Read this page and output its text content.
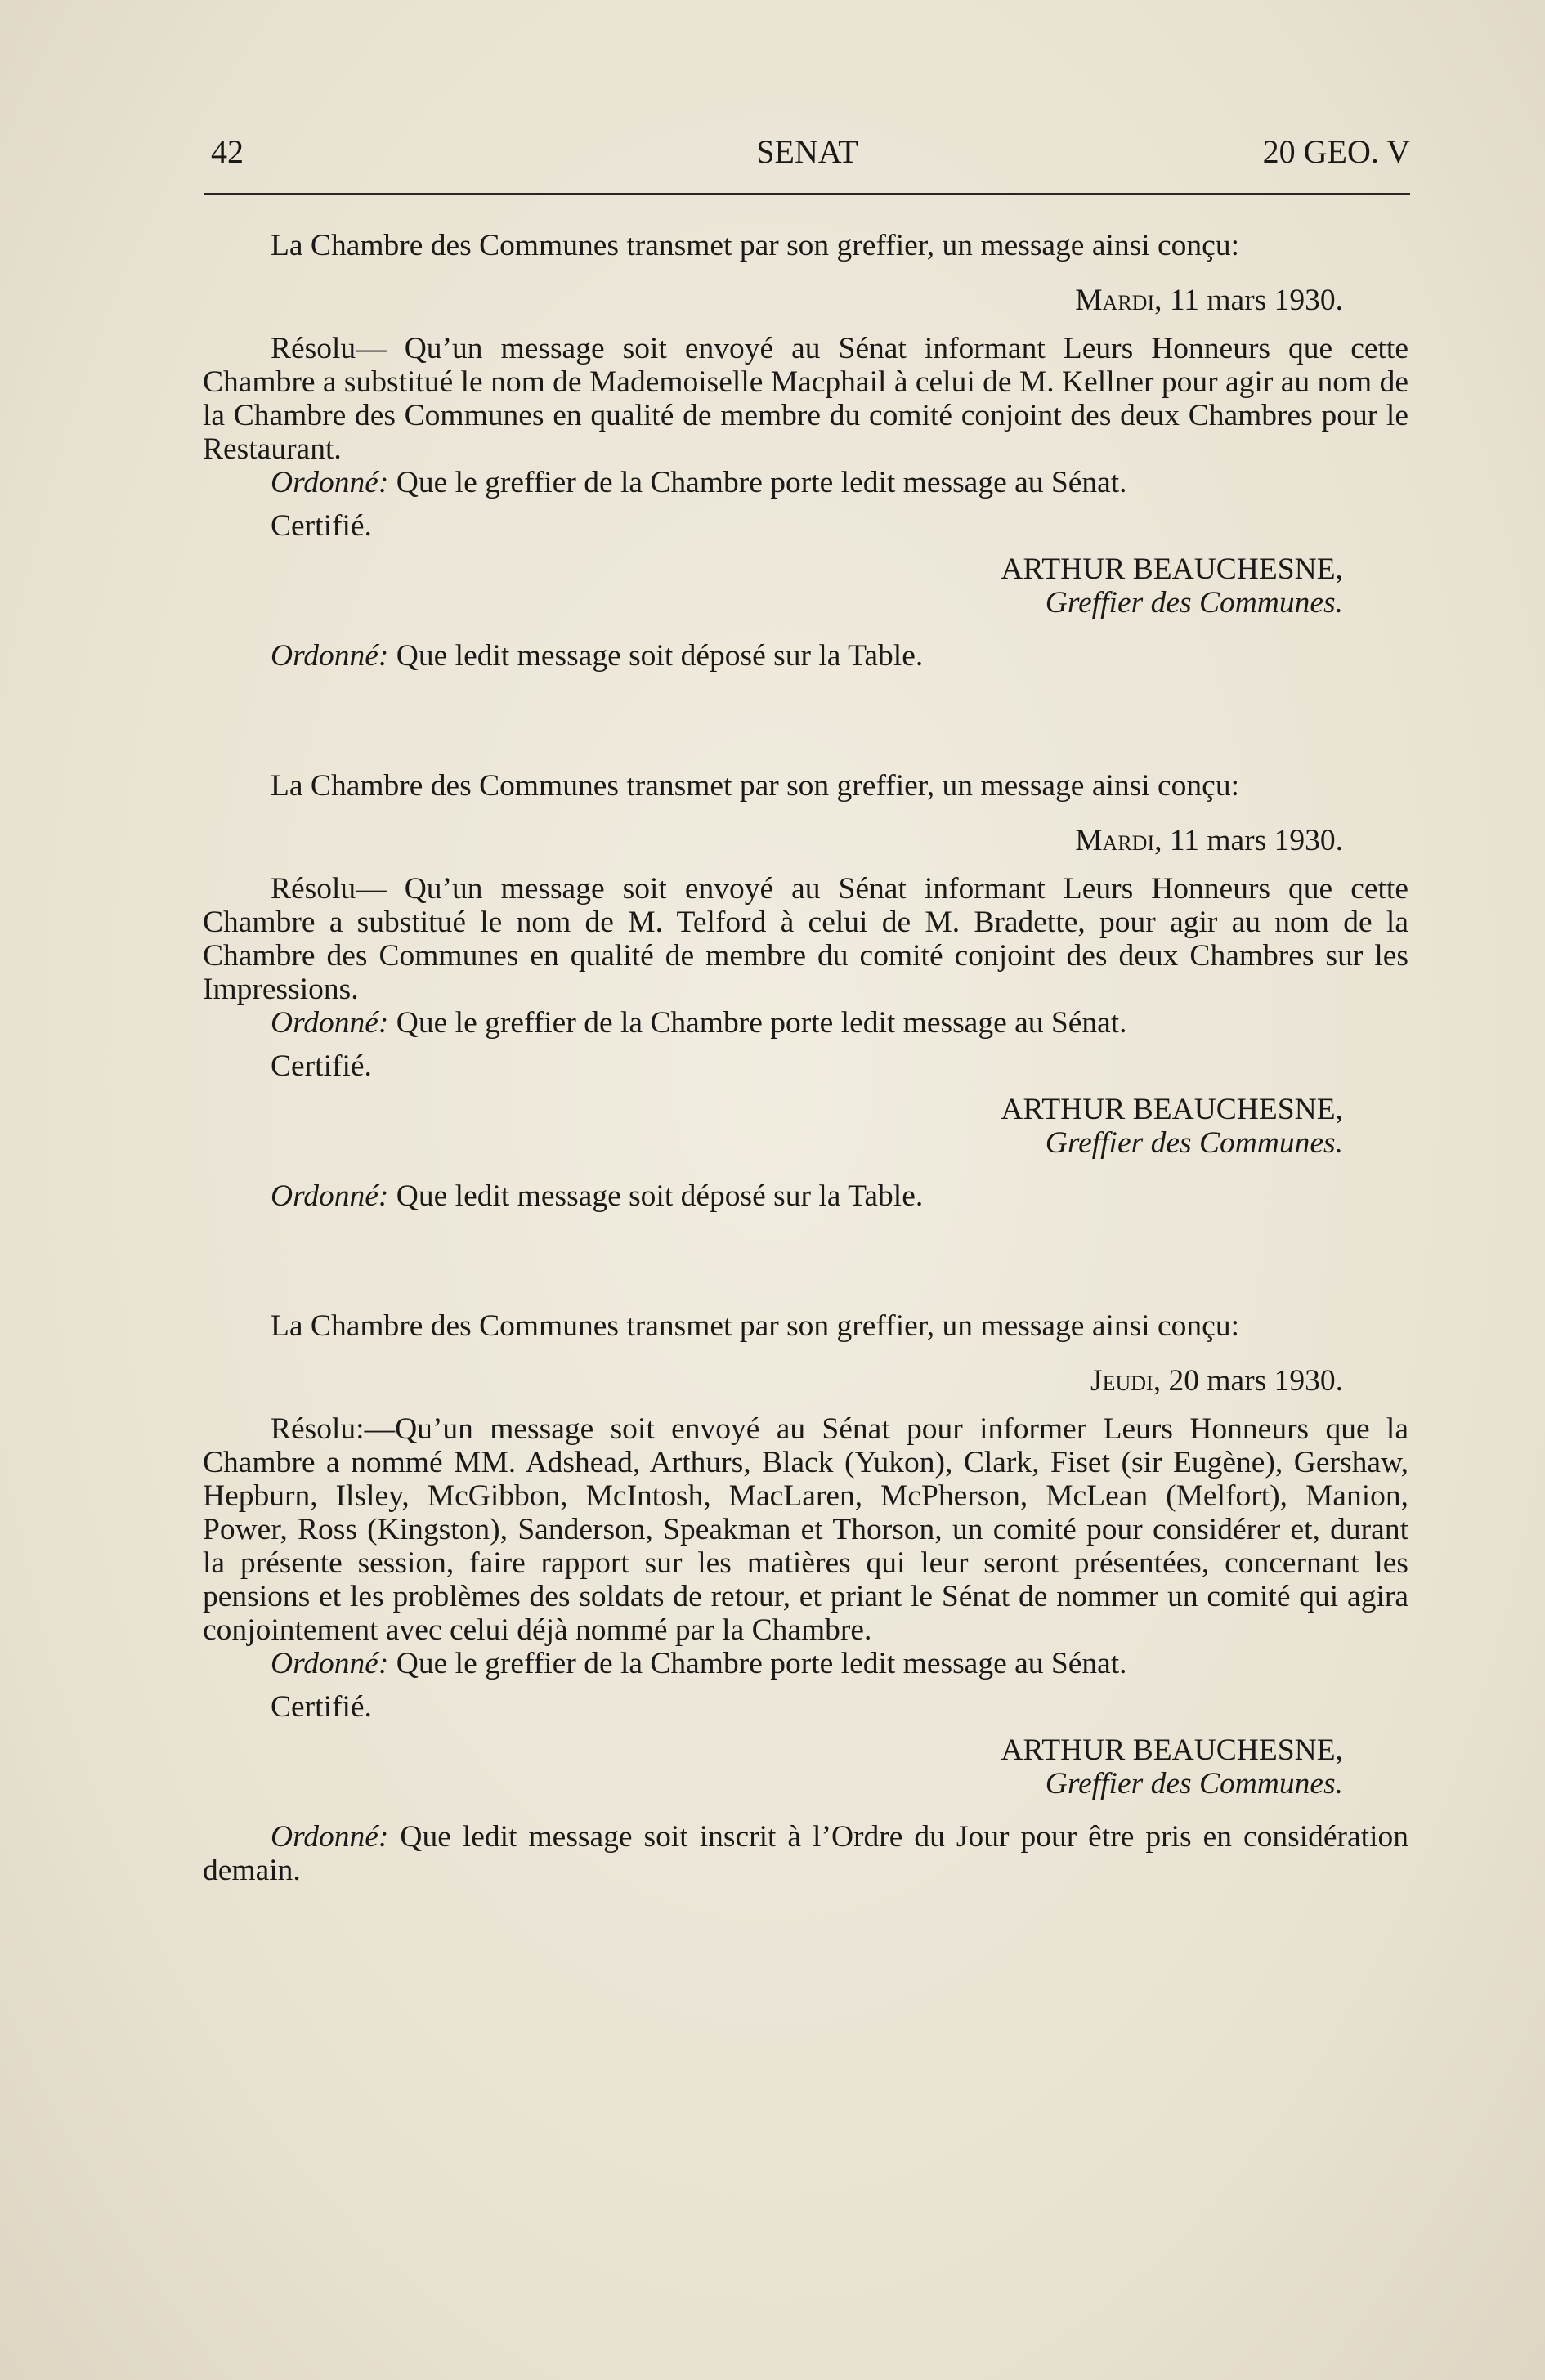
42	SENAT	20 GEO. V

La Chambre des Communes transmet par son greffier, un message ainsi conçu:

Mardi, 11 mars 1930.

Résolu— Qu’un message soit envoyé au Sénat informant Leurs Honneurs que cette Chambre a substitué le nom de Mademoiselle Macphail à celui de M. Kellner pour agir au nom de la Chambre des Communes en qualité de membre du comité conjoint des deux Chambres pour le Restaurant.

Ordonné: Que le greffier de la Chambre porte ledit message au Sénat.

Certifié.

ARTHUR BEAUCHESNE,

Greffier des Communes.

Ordonné: Que ledit message soit déposé sur la Table.

La Chambre des Communes transmet par son greffier, un message ainsi conçu:

Mardi, 11 mars 1930.

Résolu— Qu’un message soit envoyé au Sénat informant Leurs Honneurs que cette Chambre a substitué le nom de M. Telford à celui de M. Bradette, pour agir au nom de la Chambre des Communes en qualité de membre du comité conjoint des deux Chambres sur les Impressions.

Ordonné: Que le greffier de la Chambre porte ledit message au Sénat.

Certifié.

ARTHUR BEAUCHESNE,

Greffier des Communes.

Ordonné: Que ledit message soit déposé sur la Table.

La Chambre des Communes transmet par son greffier, un message ainsi conçu:

Jeudi, 20 mars 1930.

Résolu:—Qu’un message soit envoyé au Sénat pour informer Leurs Honneurs que la Chambre a nommé MM. Adshead, Arthurs, Black (Yukon), Clark, Fiset (sir Eugène), Gershaw, Hepburn, Ilsley, McGibbon, McIntosh, MacLaren, McPherson, McLean (Melfort), Manion, Power, Ross (Kingston), Sanderson, Speakman et Thorson, un comité pour considérer et, durant la présente session, faire rapport sur les matières qui leur seront présentées, concernant les pensions et les problèmes des soldats de retour, et priant le Sénat de nommer un comité qui agira conjointement avec celui déjà nommé par la Chambre.

Ordonné: Que le greffier de la Chambre porte ledit message au Sénat.

Certifié.

ARTHUR BEAUCHESNE,

Greffier des Communes.

Ordonné: Que ledit message soit inscrit à l’Ordre du Jour pour être pris en considération demain.
